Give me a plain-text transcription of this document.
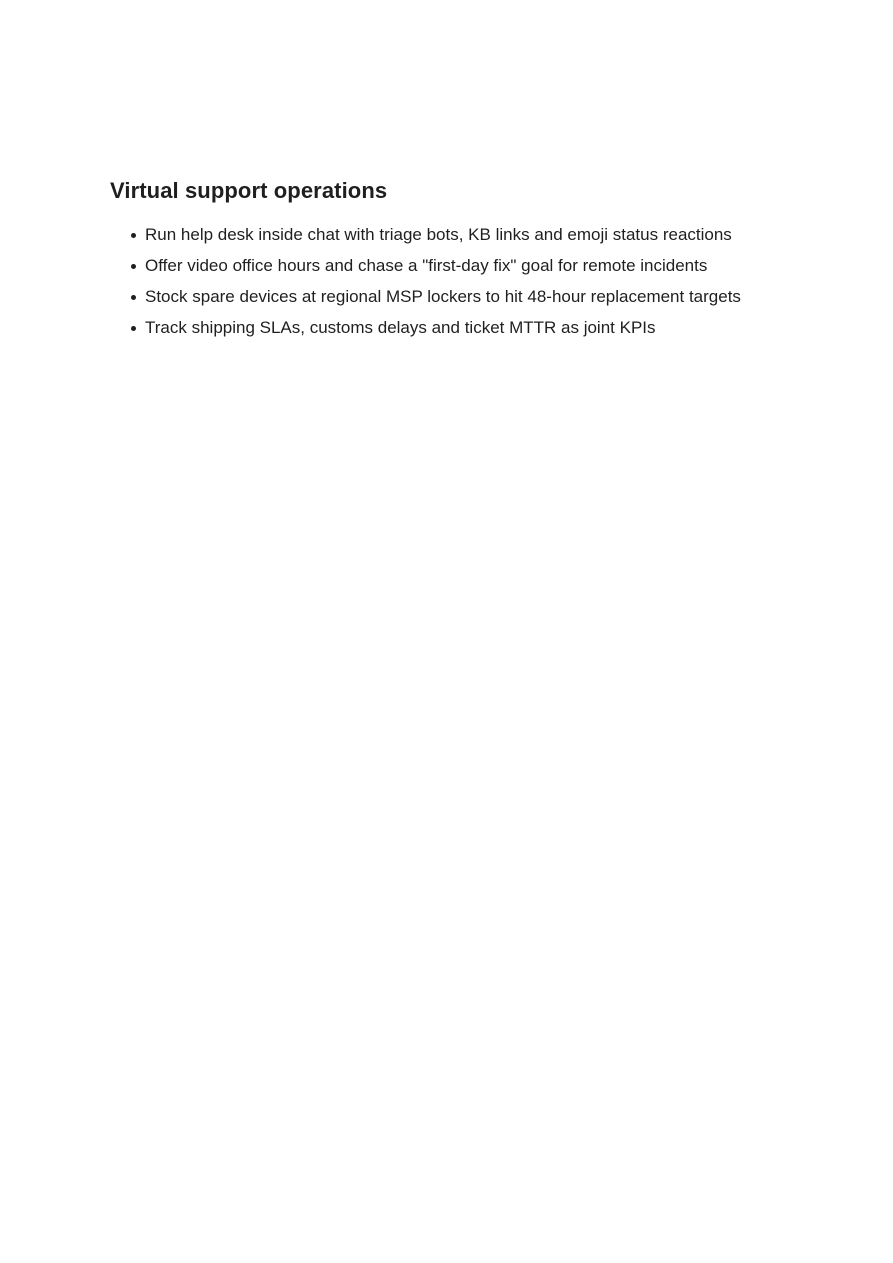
Virtual support operations
Run help desk inside chat with triage bots, KB links and emoji status reactions
Offer video office hours and chase a "first-day fix" goal for remote incidents
Stock spare devices at regional MSP lockers to hit 48-hour replacement targets
Track shipping SLAs, customs delays and ticket MTTR as joint KPIs
